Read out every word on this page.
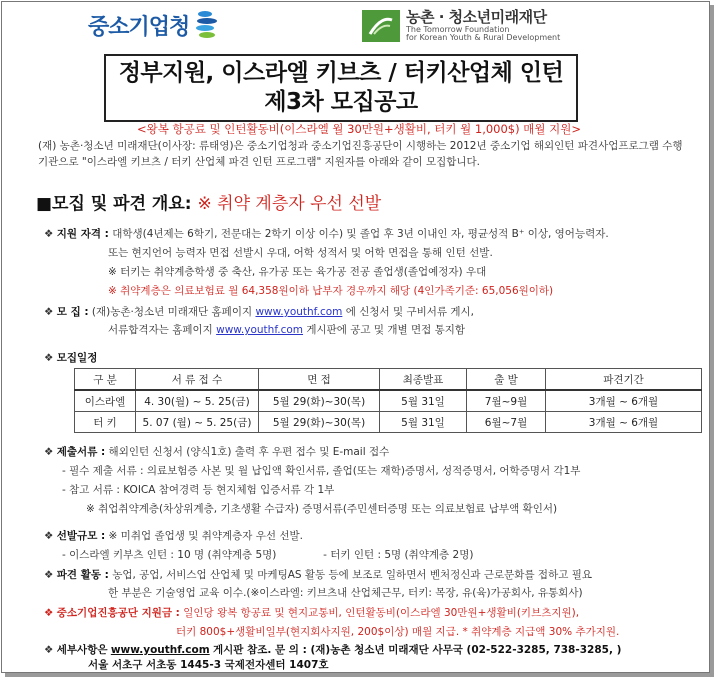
중소기업청	농촌 · 청소년미래재단
The Tomorrow Foundation
for Korean Youth & Rural Development
정부지원, 이스라엘 키브츠 / 터키산업체 인턴
제3차 모집공고
<왕복 항공료 및 인턴활동비(이스라엘 월 30만원+생활비, 터키 월 1,000$) 매월 지원>
(재) 농촌·청소년 미래재단(이사장: 류태영)은 중소기업청과 중소기업진흥공단이 시행하는 2012년 중소기업 해외인턴 파견사업프로그램 수행기관으로 "이스라엘 키브츠 / 터키 산업체 파견 인턴 프로그램" 지원자를 아래와 같이 모집합니다.
■모집 및 파견 개요: ※ 취약 계층자 우선 선발
❖ 지원 자격 : 대학생(4년제는 6학기, 전문대는 2학기 이상 이수) 및 졸업 후 3년 이내인 자, 평균성적 B⁺ 이상, 영어능력자.
또는 현지언어 능력자 면접 선발시 우대, 어학 성적서 및 어학 면접을 통해 인턴 선발.
※ 터키는 취약계층학생 중 축산, 유가공 또는 육가공 전공 졸업생(졸업예정자) 우대
※ 취약계층은 의료보험료 월 64,358원이하 납부자 경우까지 해당 (4인가족기준: 65,056원이하)
❖ 모 집 : (재)농촌·청소년 미래재단 홈페이지 www.youthf.com 에 신청서 및 구비서류 게시,
서류합격자는 홈페이지 www.youthf.com 게시판에 공고 및 개별 면접 통지함
❖ 모집일정
구 분	서 류 접 수	면 접	최종발표	출 발	파견기간
이스라엘	4. 30(월) ~ 5. 25(금)	5월 29(화)~30(목)	5월 31일	7월~9월	3개월 ~ 6개월
터 키	5. 07 (월) ~ 5. 25(금)	5월 29(화)~30(목)	5월 31일	6월~7월	3개월 ~ 6개월
❖ 제출서류 : 해외인턴 신청서 (양식1호) 출력 후 우편 접수 및 E-mail 접수
- 필수 제출 서류 : 의료보험증 사본 및 월 납입액 확인서류, 졸업(또는 재학)증명서, 성적증명서, 어학증명서 각1부
- 참고 서류 : KOICA 참여경력 등 현지체험 입증서류 각 1부
※ 취업취약계층(차상위계층, 기초생활 수급자) 증명서류(주민센터증명 또는 의료보험료 납부액 확인서)
❖ 선발규모 : ※ 미취업 졸업생 및 취약계층자 우선 선발.
- 이스라엘 키부츠 인턴 : 10 명 (취약계층 5명)	- 터키 인턴 : 5명 (취약계층 2명)
❖ 파견 활동 : 농업, 공업, 서비스업 산업체 및 마케팅AS 활동 등에 보조로 일하면서 벤처정신과 근로문화를 접하고 필요
한 부분은 기술영업 교육 이수.(※이스라엘: 키브츠내 산업체근무, 터키: 목장, 유(육)가공회사, 유통회사)
❖ 중소기업진흥공단 지원금 : 일인당 왕복 항공료 및 현지교통비, 인턴활동비(이스라엘 30만원+생활비(키브츠지원),
터키 800$+생활비일부(현지회사지원, 200$이상) 매월 지급. * 취약계층 지급액 30% 추가지원.
❖ 세부사항은 www.youthf.com 게시판 참조. 문 의 : (재)농촌 청소년 미래재단 사무국 (02-522-3285, 738-3285, )
서울 서초구 서초동 1445-3 국제전자센터 1407호
